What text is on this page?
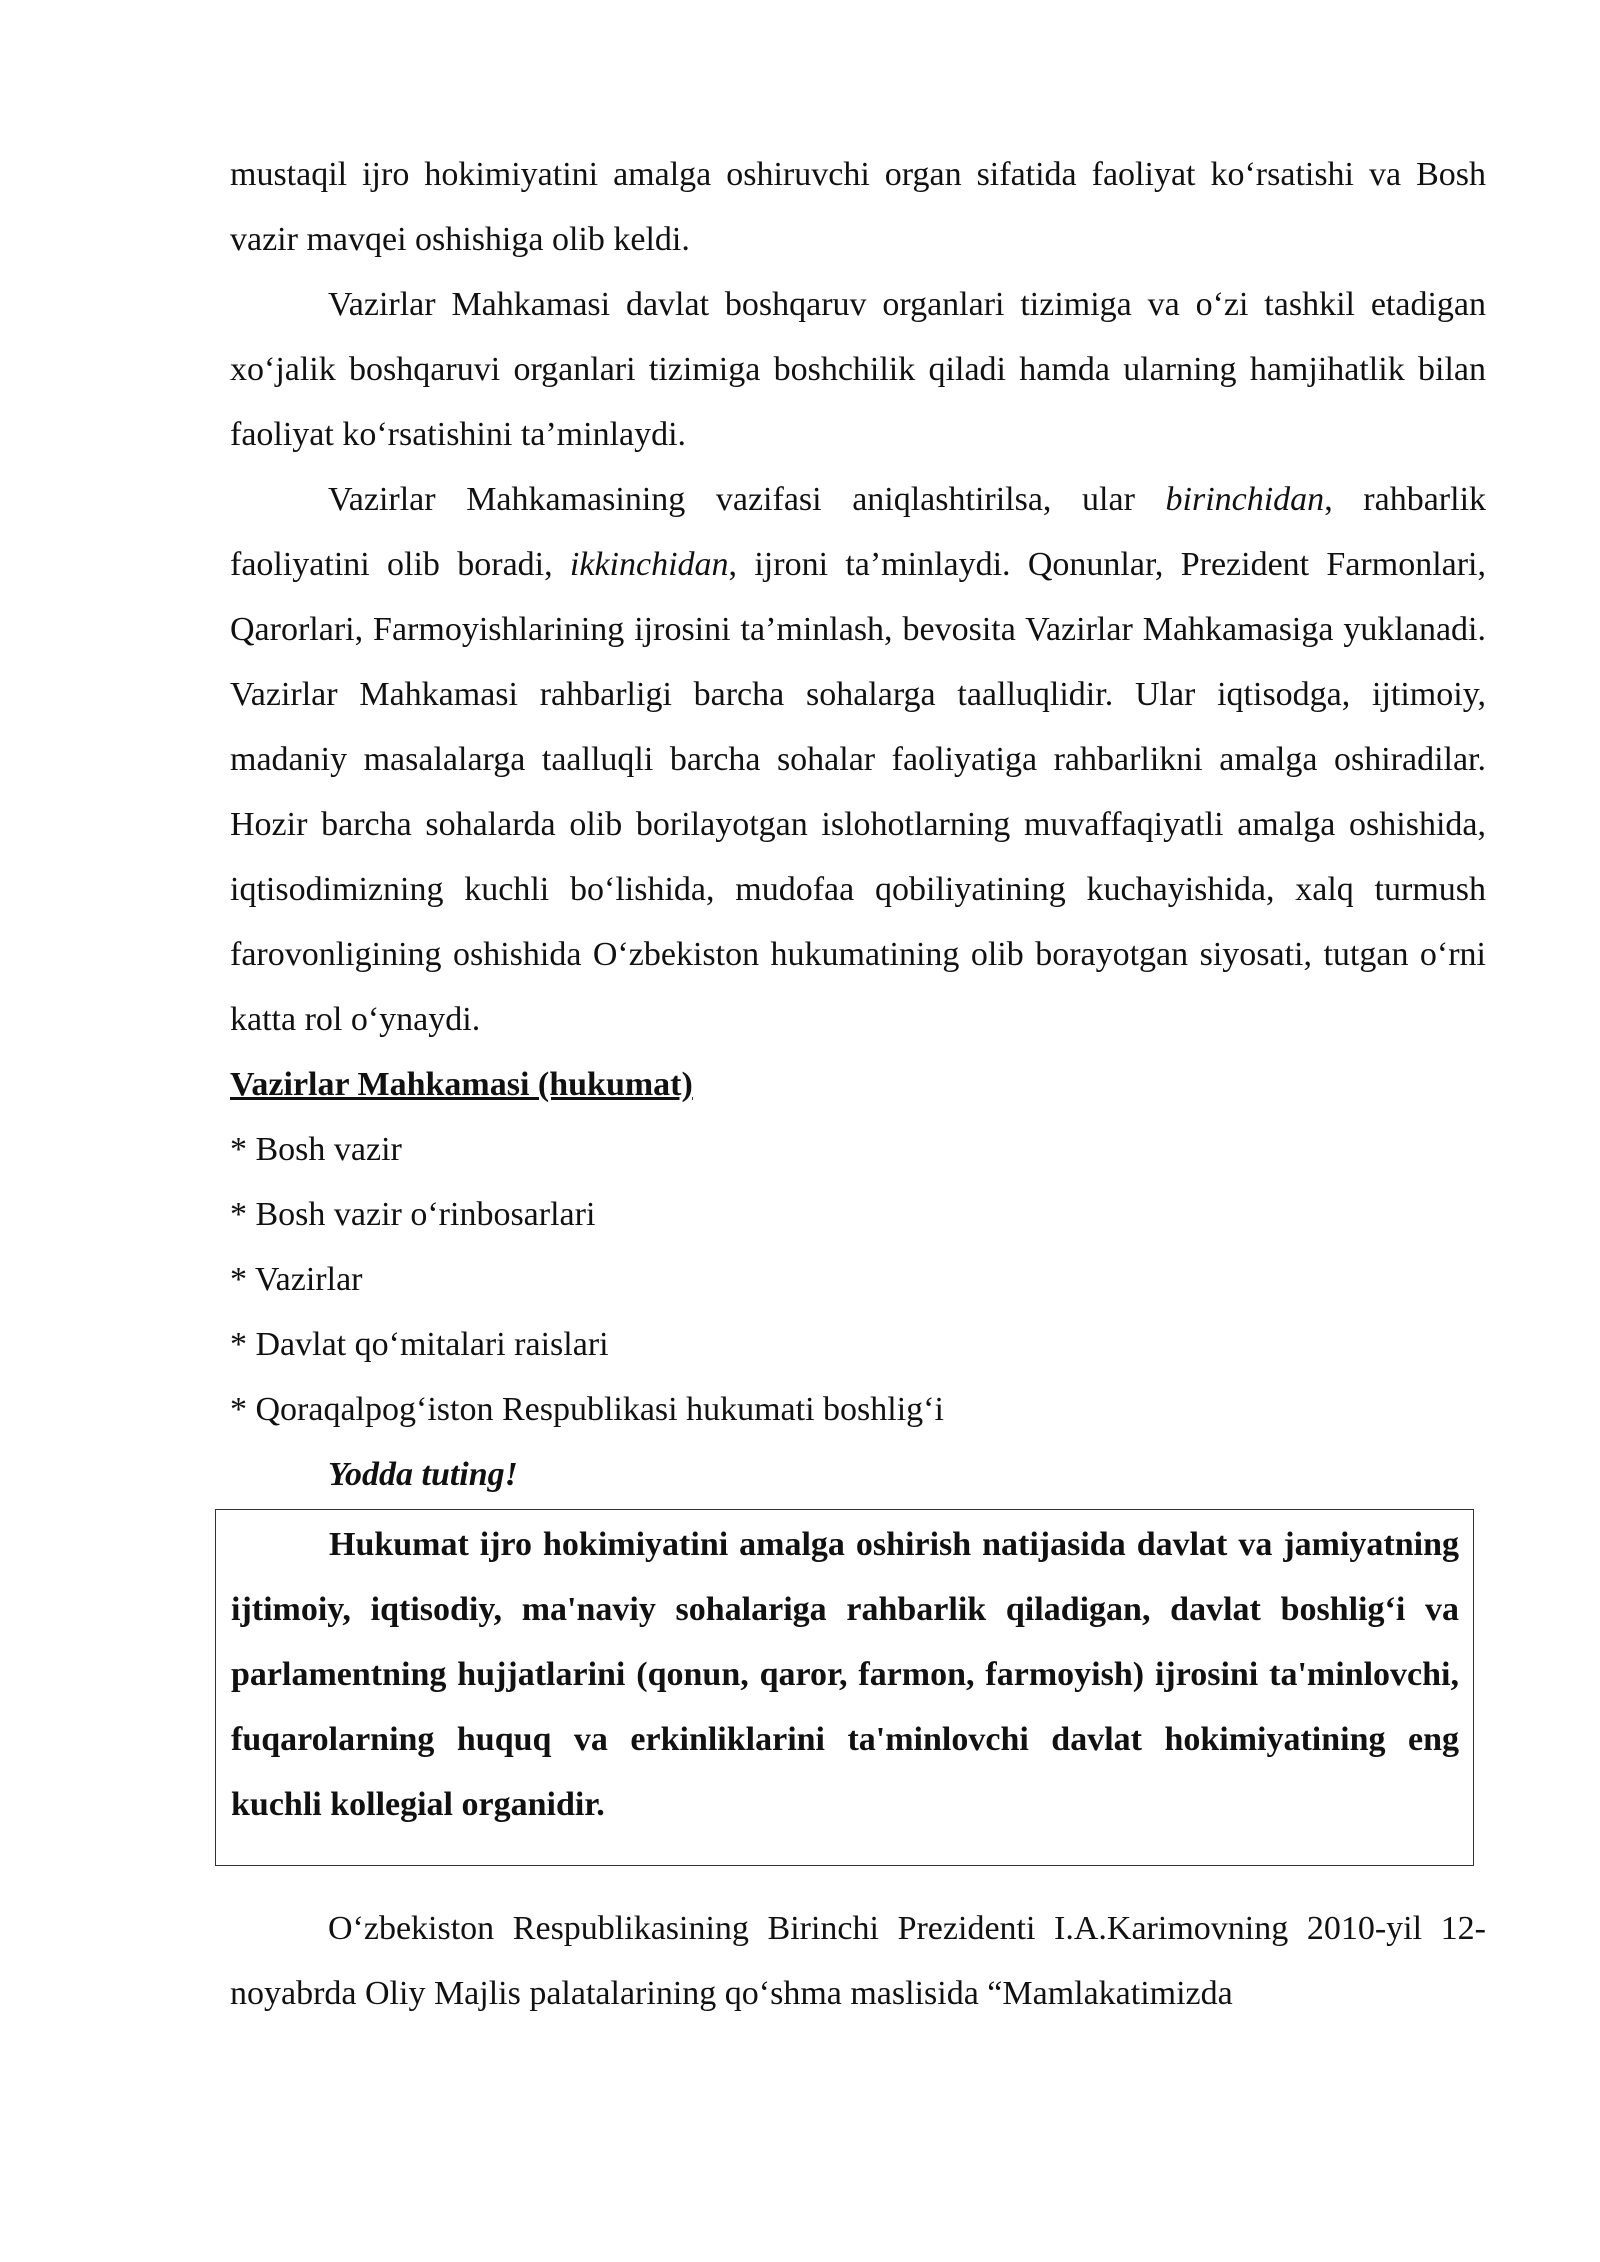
mustaqil ijro hokimiyatini amalga oshiruvchi organ sifatida faoliyat ko‘rsatishi va Bosh vazir mavqei oshishiga olib keldi.

Vazirlar Mahkamasi davlat boshqaruv organlari tizimiga va o‘zi tashkil etadigan xo‘jalik boshqaruvi organlari tizimiga boshchilik qiladi hamda ularning hamjihatlik bilan faoliyat ko‘rsatishini ta’minlaydi.

Vazirlar Mahkamasining vazifasi aniqlashtirilsa, ular birinchidan, rahbarlik faoliyatini olib boradi, ikkinchidan, ijroni ta’minlaydi. Qonunlar, Prezident Farmonlari, Qarorlari, Farmoyishlarining ijrosini ta’minlash, bevosita Vazirlar Mahkamasiga yuklanadi. Vazirlar Mahkamasi rahbarligi barcha sohalarga taalluqlidir. Ular iqtisodga, ijtimoiy, madaniy masalalarga taalluqli barcha sohalar faoliyatiga rahbarlikni amalga oshiradilar. Hozir barcha sohalarda olib borilayotgan islohotlarning muvaffaqiyatli amalga oshishida, iqtisodimizning kuchli bo‘lishida, mudofaa qobiliyatining kuchayishida, xalq turmush farovonligining oshishida O‘zbekiston hukumatining olib borayotgan siyosati, tutgan o‘rni katta rol o‘ynaydi.

Vazirlar Mahkamasi (hukumat)

* Bosh vazir

* Bosh vazir o‘rinbosarlari

* Vazirlar

* Davlat qo‘mitalari raislari

* Qoraqalpog‘iston Respublikasi hukumati boshlig‘i

Yodda tuting!

Hukumat ijro hokimiyatini amalga oshirish natijasida davlat va jamiyatning ijtimoiy, iqtisodiy, ma'naviy sohalariga rahbarlik qiladigan, davlat boshlig‘i va parlamentning hujjatlarini (qonun, qaror, farmon, farmoyish) ijrosini ta'minlovchi, fuqarolarning huquq va erkinliklarini ta'minlovchi davlat hokimiyatining eng kuchli kollegial organidir.

O‘zbekiston Respublikasining Birinchi Prezidenti I.A.Karimovning 2010-yil 12-noyabrda Oliy Majlis palatalarining qo‘shma maslisida “Mamlakatimizda
